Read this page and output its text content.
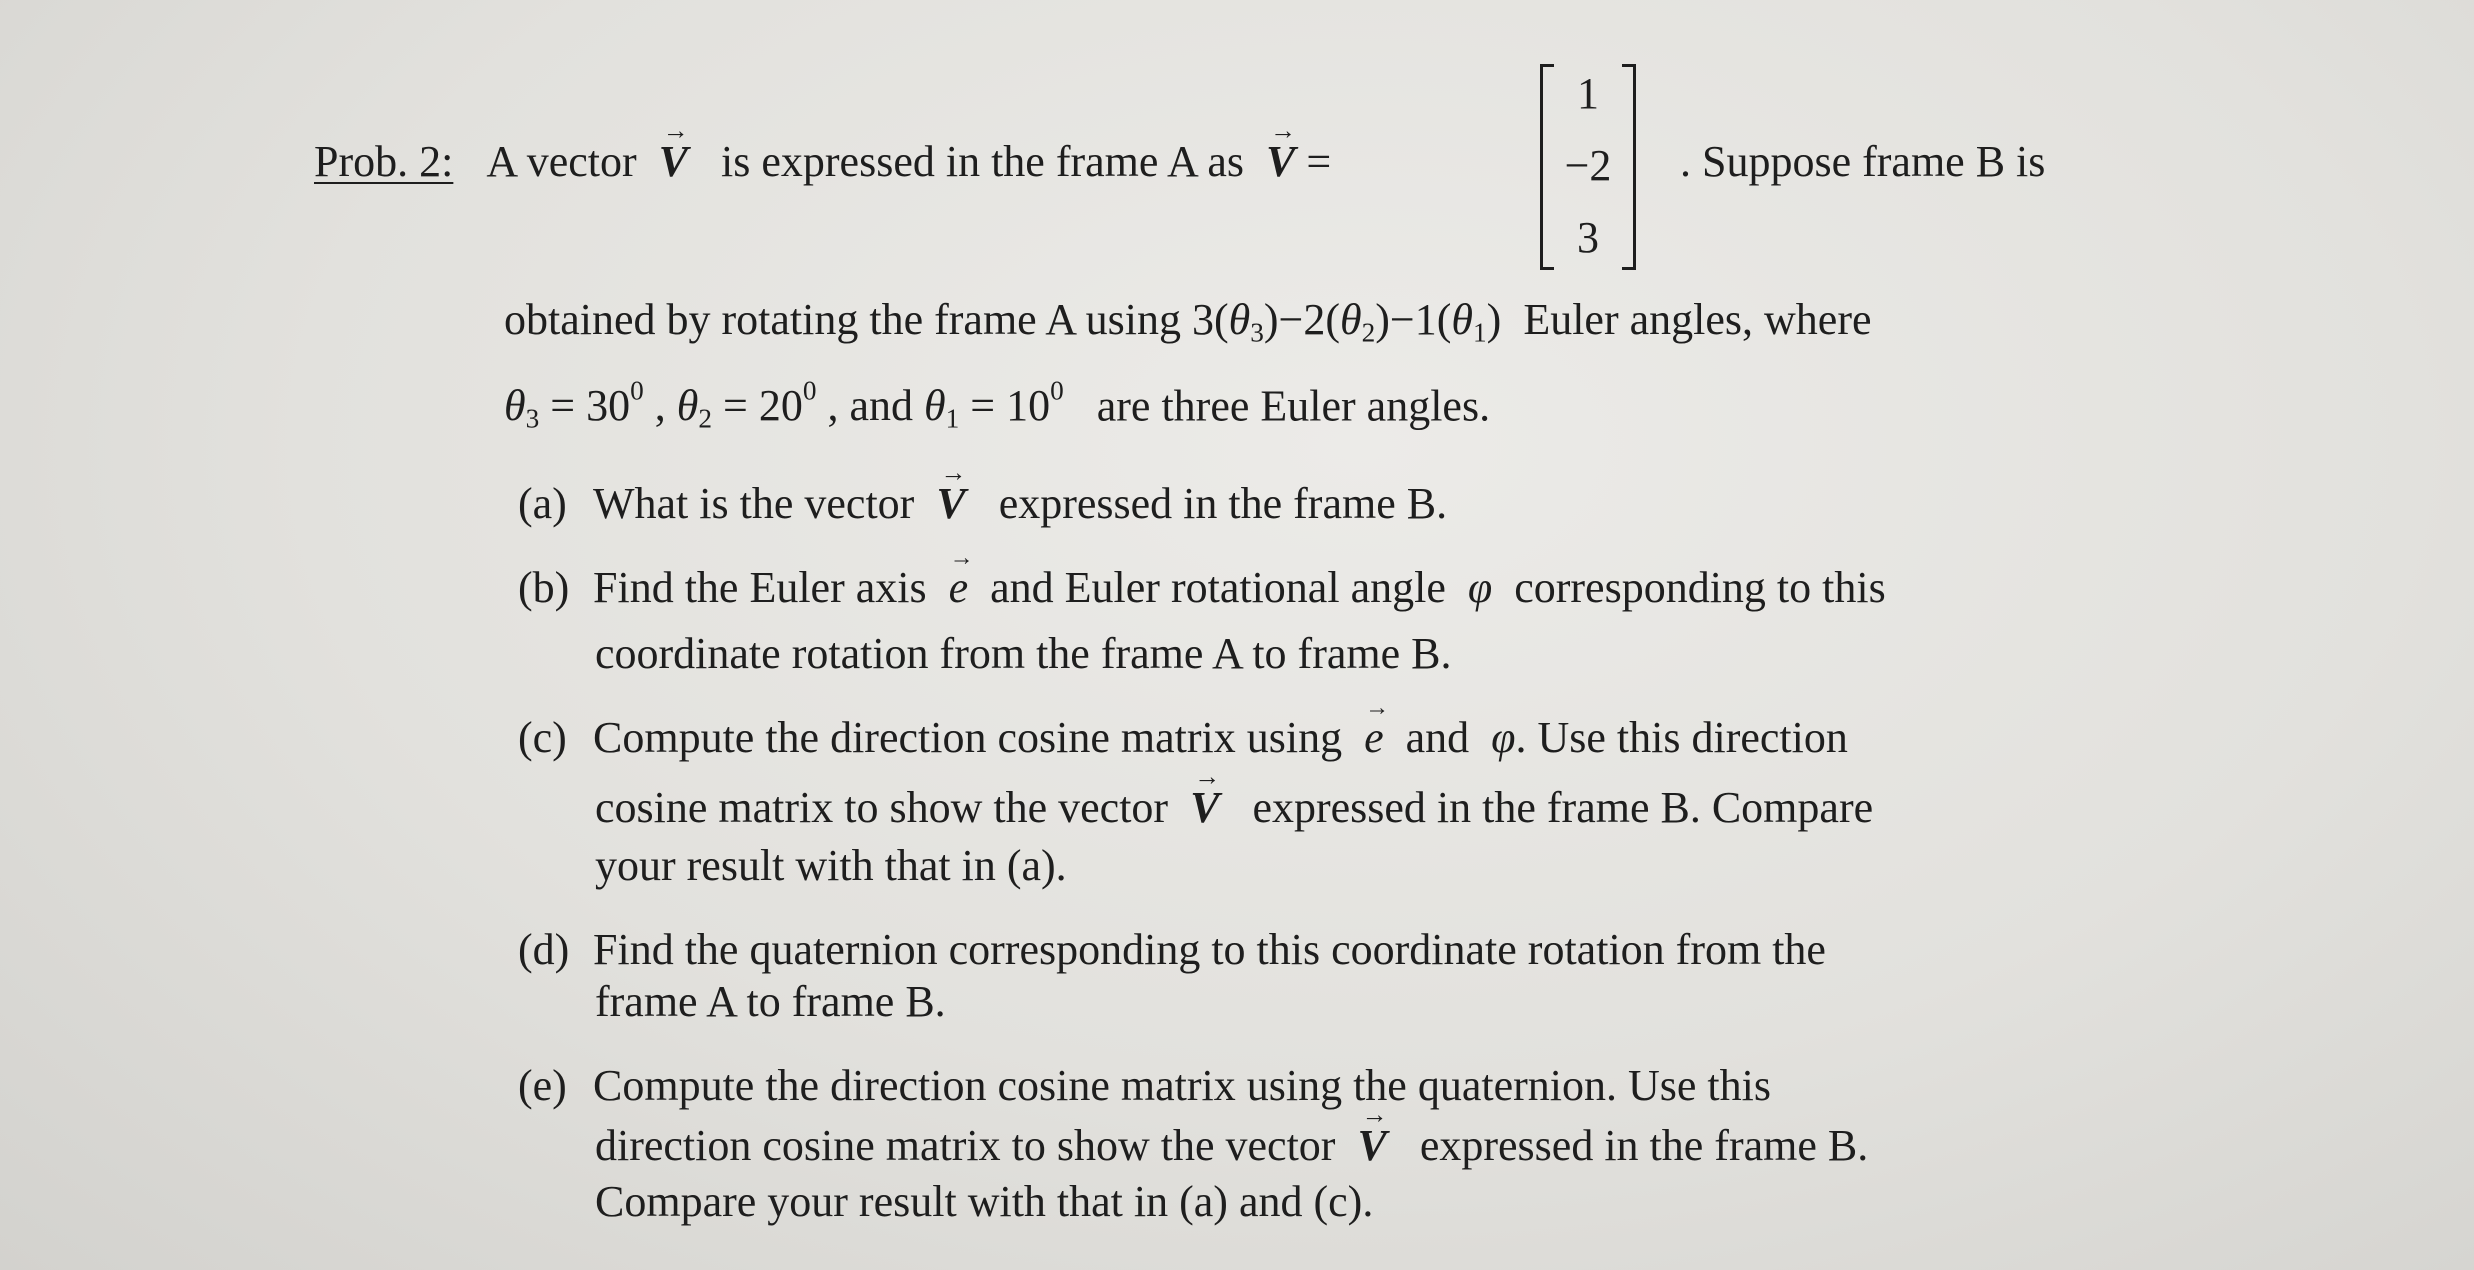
Prob. 2: A vector → V is expressed in the frame A as → V =
1
−2
3
. Suppose frame B is
obtained by rotating the frame A using $3(\theta_3)-2(\theta_2)-1(\theta_1)$ Euler angles, where
$\theta_3 = 30^0$ , $\theta_2 = 20^0$ , and $\theta_1 = 10^0$ are three Euler angles.
(a) What is the vector → V expressed in the frame B.
(b) Find the Euler axis → e and Euler rotational angle φ corresponding to this
coordinate rotation from the frame A to frame B.
(c) Compute the direction cosine matrix using → e and φ. Use this direction
cosine matrix to show the vector → V expressed in the frame B. Compare
your result with that in (a).
(d) Find the quaternion corresponding to this coordinate rotation from the
frame A to frame B.
(e) Compute the direction cosine matrix using the quaternion. Use this
direction cosine matrix to show the vector → V expressed in the frame B.
Compare your result with that in (a) and (c).
